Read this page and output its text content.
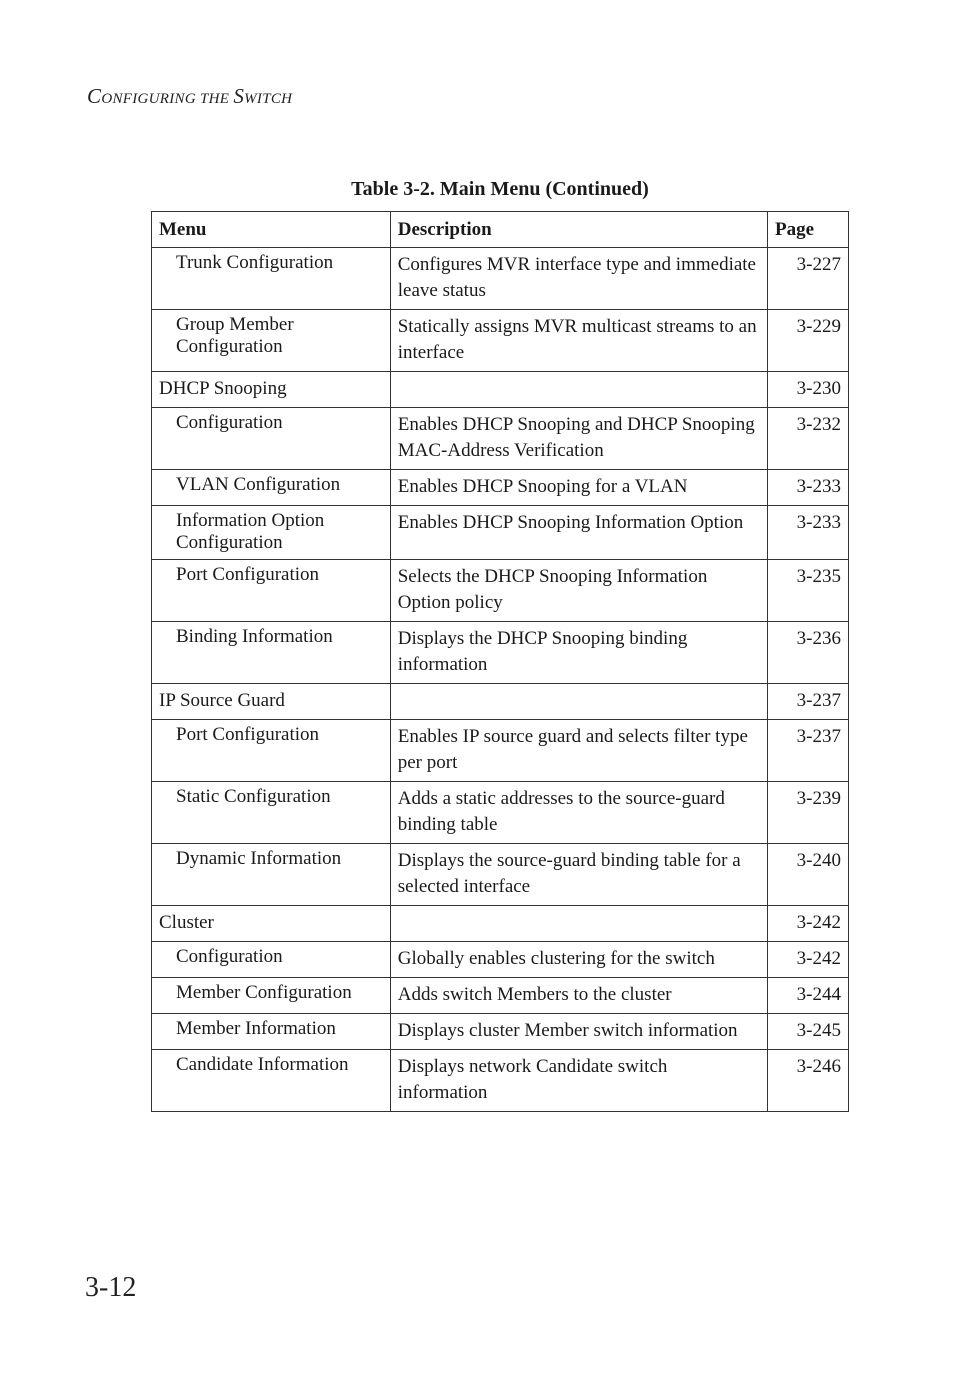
CONFIGURING THE SWITCH
Table 3-2. Main Menu (Continued)
Menu	Description	Page
Trunk Configuration	Configures MVR interface type and immediate leave status	3-227
Group Member Configuration	Statically assigns MVR multicast streams to an interface	3-229
DHCP Snooping		3-230
Configuration	Enables DHCP Snooping and DHCP Snooping MAC-Address Verification	3-232
VLAN Configuration	Enables DHCP Snooping for a VLAN	3-233
Information Option Configuration	Enables DHCP Snooping Information Option	3-233
Port Configuration	Selects the DHCP Snooping Information Option policy	3-235
Binding Information	Displays the DHCP Snooping binding information	3-236
IP Source Guard		3-237
Port Configuration	Enables IP source guard and selects filter type per port	3-237
Static Configuration	Adds a static addresses to the source-guard binding table	3-239
Dynamic Information	Displays the source-guard binding table for a selected interface	3-240
Cluster		3-242
Configuration	Globally enables clustering for the switch	3-242
Member Configuration	Adds switch Members to the cluster	3-244
Member Information	Displays cluster Member switch information	3-245
Candidate Information	Displays network Candidate switch information	3-246
3-12
